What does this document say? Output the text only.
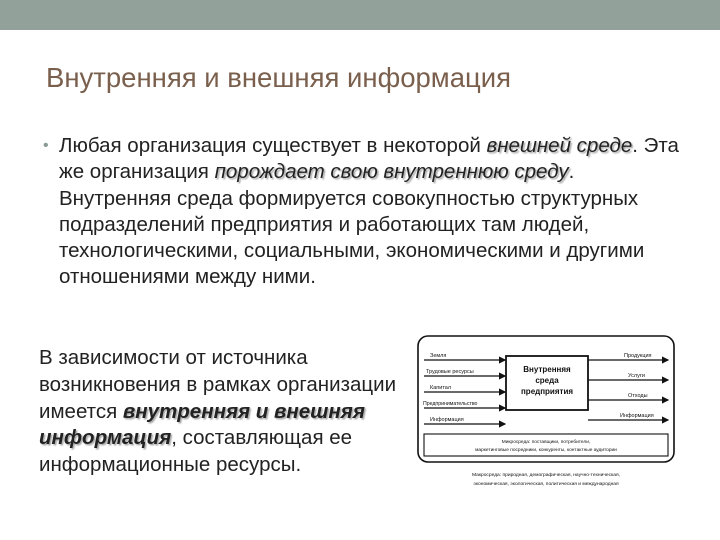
Внутренняя и внешняя информация
• Любая организация существует в некоторой внешней среде. Эта же организация порождает свою внутреннюю среду. Внутренняя среда формируется совокупностью структурных подразделений предприятия и работающих там людей, технологическими, социальными, экономическими и другими отношениями между ними.
В зависимости от источника возникновения в рамках организации имеется внутренняя и внешняя информация, составляющая ее информационные ресурсы.
Внутренняя
среда
предприятия
Земля
Трудовые ресурсы
Капитал
Предпринимательство
Информация
Продукция
Услуги
Отходы
Информация
Микросреда: поставщики, потребители,
маркетинговые посредники, конкуренты, контактные аудитории
Макросреда: природная, демографическая, научно-техническая,
экономическая, экологическая, политическая и международная
